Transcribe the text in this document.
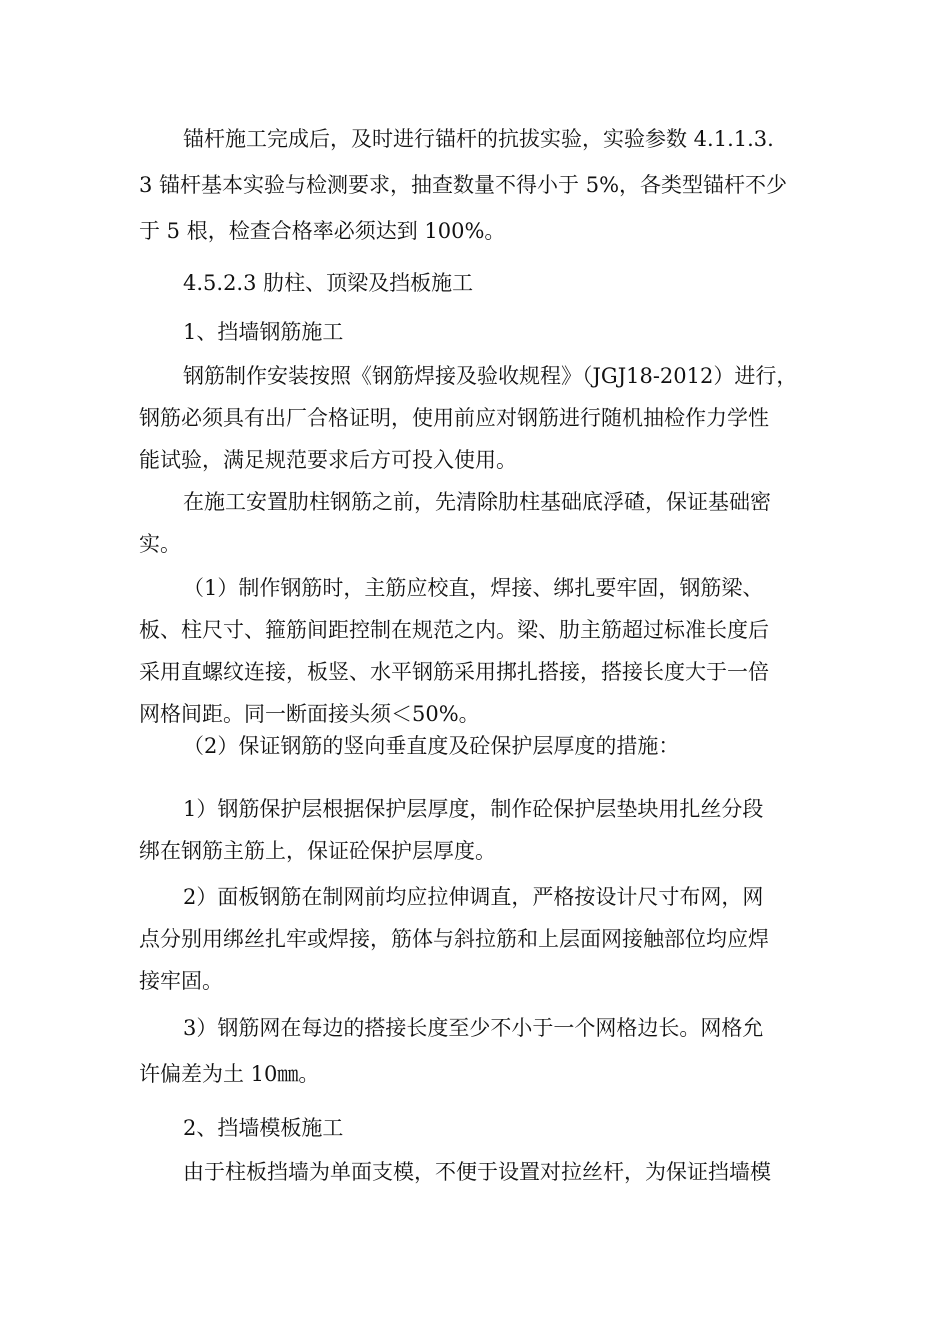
锚杆施工完成后，及时进行锚杆的抗拔实验，实验参数 4.1.1.3.
3 锚杆基本实验与检测要求，抽查数量不得小于 5%，各类型锚杆不少
于 5 根，检查合格率必须达到 100%。
4.5.2.3 肋柱、顶梁及挡板施工
1、挡墙钢筋施工
钢筋制作安装按照《钢筋焊接及验收规程》（JGJ18-2012）进行，
钢筋必须具有出厂合格证明，使用前应对钢筋进行随机抽检作力学性
能试验，满足规范要求后方可投入使用。
在施工安置肋柱钢筋之前，先清除肋柱基础底浮碴，保证基础密
实。
（1）制作钢筋时，主筋应校直，焊接、绑扎要牢固，钢筋梁、
板、柱尺寸、箍筋间距控制在规范之内。梁、肋主筋超过标准长度后
采用直螺纹连接，板竖、水平钢筋采用挷扎搭接，搭接长度大于一倍
网格间距。同一断面接头须＜50%。
（2）保证钢筋的竖向垂直度及砼保护层厚度的措施：
1）钢筋保护层根据保护层厚度，制作砼保护层垫块用扎丝分段
绑在钢筋主筋上，保证砼保护层厚度。
2）面板钢筋在制网前均应拉伸调直，严格按设计尺寸布网，网
点分别用绑丝扎牢或焊接，筋体与斜拉筋和上层面网接触部位均应焊
接牢固。
3）钢筋网在每边的搭接长度至少不小于一个网格边长。网格允
许偏差为土 10㎜。
2、挡墙模板施工
由于柱板挡墙为单面支模，不便于设置对拉丝杆，为保证挡墙模
